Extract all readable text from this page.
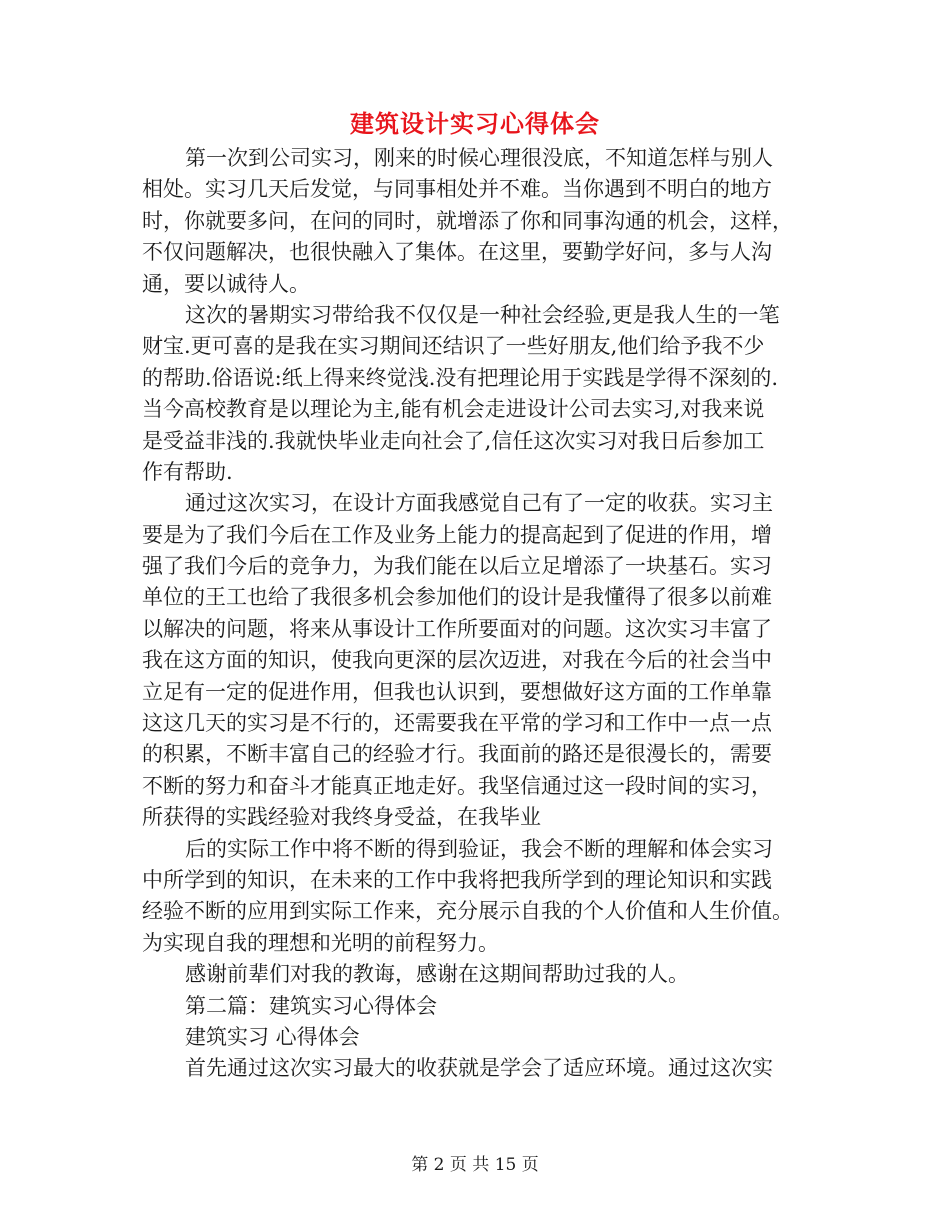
建筑设计实习心得体会
第一次到公司实习，刚来的时候心理很没底，不知道怎样与别人
相处。实习几天后发觉，与同事相处并不难。当你遇到不明白的地方
时，你就要多问，在问的同时，就增添了你和同事沟通的机会，这样，
不仅问题解决，也很快融入了集体。在这里，要勤学好问，多与人沟
通，要以诚待人。
这次的暑期实习带给我不仅仅是一种社会经验,更是我人生的一笔
财宝.更可喜的是我在实习期间还结识了一些好朋友,他们给予我不少
的帮助.俗语说:纸上得来终觉浅.没有把理论用于实践是学得不深刻的.
当今高校教育是以理论为主,能有机会走进设计公司去实习,对我来说
是受益非浅的.我就快毕业走向社会了,信任这次实习对我日后参加工
作有帮助.
通过这次实习，在设计方面我感觉自己有了一定的收获。实习主
要是为了我们今后在工作及业务上能力的提高起到了促进的作用，增
强了我们今后的竞争力，为我们能在以后立足增添了一块基石。实习
单位的王工也给了我很多机会参加他们的设计是我懂得了很多以前难
以解决的问题，将来从事设计工作所要面对的问题。这次实习丰富了
我在这方面的知识，使我向更深的层次迈进，对我在今后的社会当中
立足有一定的促进作用，但我也认识到，要想做好这方面的工作单靠
这这几天的实习是不行的，还需要我在平常的学习和工作中一点一点
的积累，不断丰富自己的经验才行。我面前的路还是很漫长的，需要
不断的努力和奋斗才能真正地走好。我坚信通过这一段时间的实习，
所获得的实践经验对我终身受益，在我毕业
后的实际工作中将不断的得到验证，我会不断的理解和体会实习
中所学到的知识，在未来的工作中我将把我所学到的理论知识和实践
经验不断的应用到实际工作来，充分展示自我的个人价值和人生价值。
为实现自我的理想和光明的前程努力。
感谢前辈们对我的教诲，感谢在这期间帮助过我的人。
第二篇：建筑实习心得体会
建筑实习 心得体会
首先通过这次实习最大的收获就是学会了适应环境。通过这次实
第 2 页 共 15 页
